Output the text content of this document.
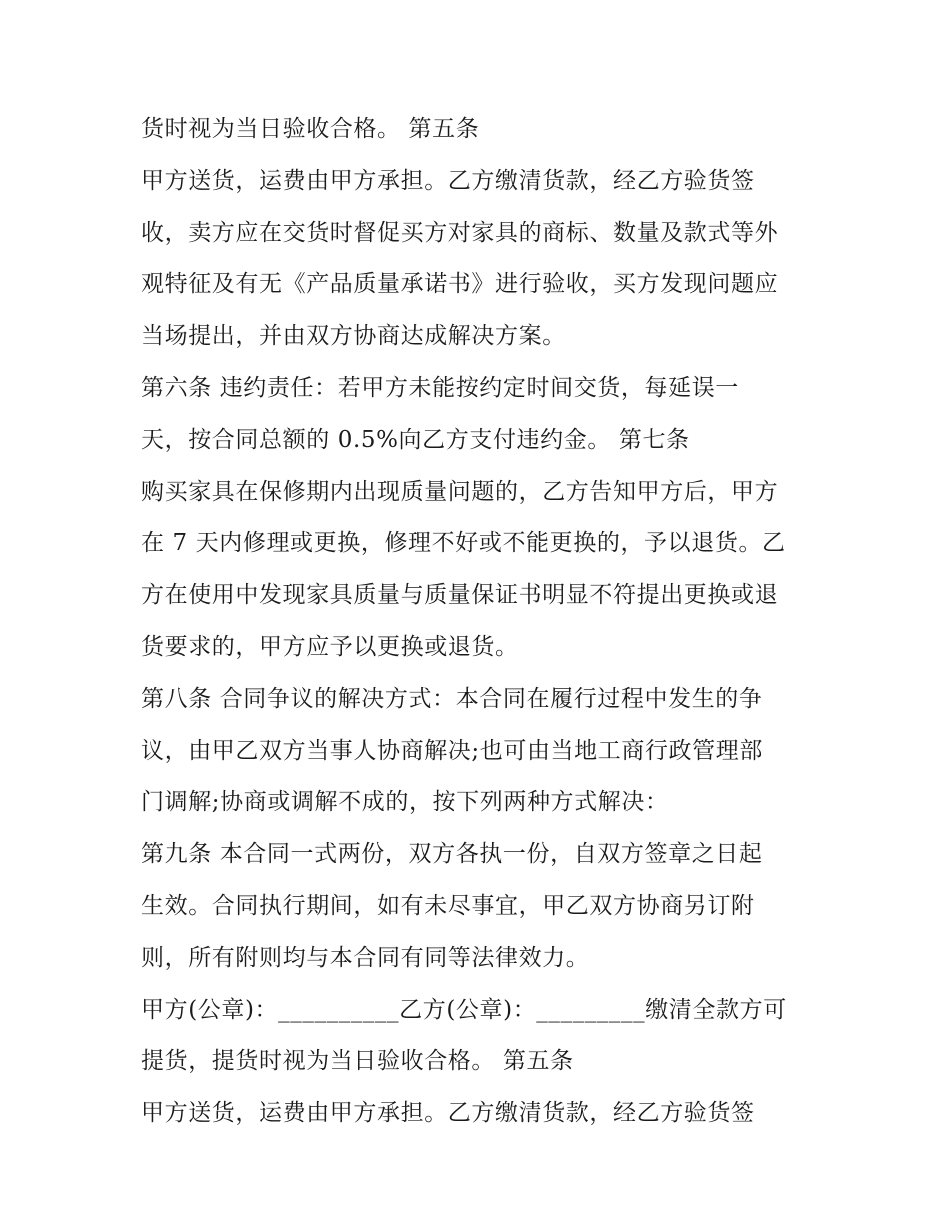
货时视为当日验收合格。 第五条
甲方送货，运费由甲方承担。乙方缴清货款，经乙方验货签
收，卖方应在交货时督促买方对家具的商标、数量及款式等外
观特征及有无《产品质量承诺书》进行验收，买方发现问题应
当场提出，并由双方协商达成解决方案。
第六条 违约责任：若甲方未能按约定时间交货，每延误一
天，按合同总额的 0.5%向乙方支付违约金。 第七条
购买家具在保修期内出现质量问题的，乙方告知甲方后，甲方
在 7 天内修理或更换，修理不好或不能更换的，予以退货。乙
方在使用中发现家具质量与质量保证书明显不符提出更换或退
货要求的，甲方应予以更换或退货。
第八条 合同争议的解决方式：本合同在履行过程中发生的争
议，由甲乙双方当事人协商解决;也可由当地工商行政管理部
门调解;协商或调解不成的，按下列两种方式解决：
第九条 本合同一式两份，双方各执一份，自双方签章之日起
生效。合同执行期间，如有未尽事宜，甲乙双方协商另订附
则，所有附则均与本合同有同等法律效力。
甲方(公章)：__________乙方(公章)：_________缴清全款方可
提货，提货时视为当日验收合格。 第五条
甲方送货，运费由甲方承担。乙方缴清货款，经乙方验货签
